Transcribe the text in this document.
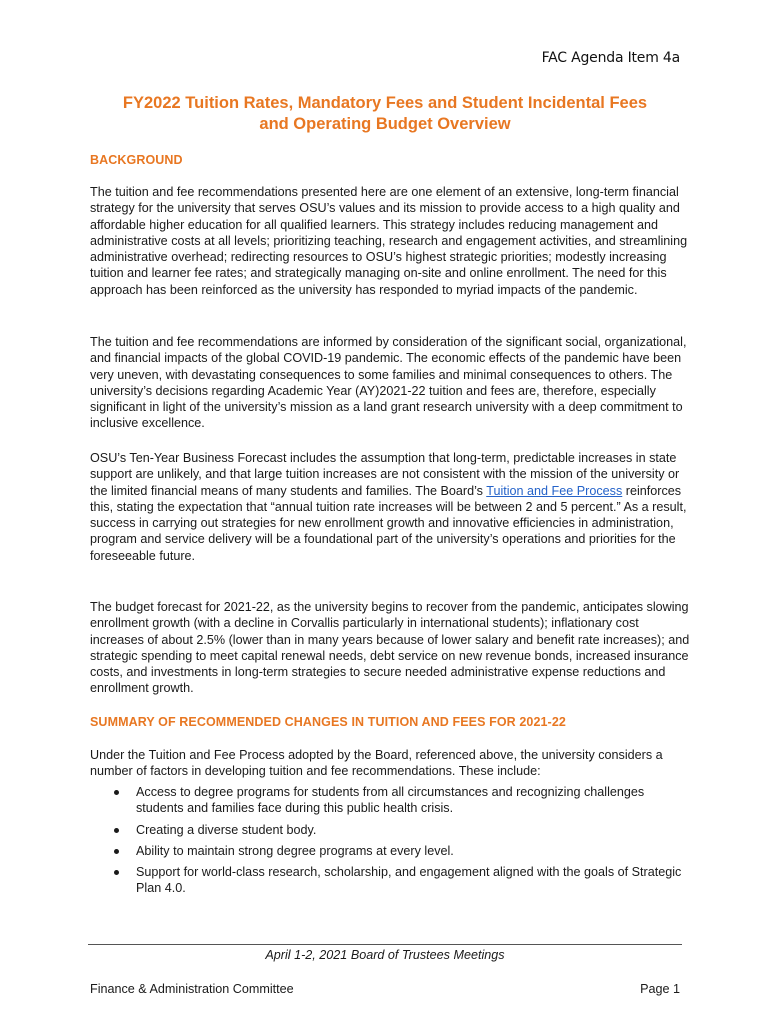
FAC Agenda Item 4a
FY2022 Tuition Rates, Mandatory Fees and Student Incidental Fees
and Operating Budget Overview
BACKGROUND

The tuition and fee recommendations presented here are one element of an extensive, long-term financial strategy for the university that serves OSU’s values and its mission to provide access to a high quality and affordable higher education for all qualified learners. This strategy includes reducing management and administrative costs at all levels; prioritizing teaching, research and engagement activities, and streamlining administrative overhead; redirecting resources to OSU’s highest strategic priorities; modestly increasing tuition and learner fee rates; and strategically managing on-site and online enrollment. The need for this approach has been reinforced as the university has responded to myriad impacts of the pandemic.

The tuition and fee recommendations are informed by consideration of the significant social, organizational, and financial impacts of the global COVID-19 pandemic. The economic effects of the pandemic have been very uneven, with devastating consequences to some families and minimal consequences to others. The university’s decisions regarding Academic Year (AY)2021-22 tuition and fees are, therefore, especially significant in light of the university’s mission as a land grant research university with a deep commitment to inclusive excellence.

OSU’s Ten-Year Business Forecast includes the assumption that long-term, predictable increases in state support are unlikely, and that large tuition increases are not consistent with the mission of the university or the limited financial means of many students and families. The Board’s Tuition and Fee Process reinforces this, stating the expectation that “annual tuition rate increases will be between 2 and 5 percent.” As a result, success in carrying out strategies for new enrollment growth and innovative efficiencies in administration, program and service delivery will be a foundational part of the university’s operations and priorities for the foreseeable future.

The budget forecast for 2021-22, as the university begins to recover from the pandemic, anticipates slowing enrollment growth (with a decline in Corvallis particularly in international students); inflationary cost increases of about 2.5% (lower than in many years because of lower salary and benefit rate increases); and strategic spending to meet capital renewal needs, debt service on new revenue bonds, increased insurance costs, and investments in long-term strategies to secure needed administrative expense reductions and enrollment growth.

SUMMARY OF RECOMMENDED CHANGES IN TUITION AND FEES FOR 2021-22

Under the Tuition and Fee Process adopted by the Board, referenced above, the university considers a number of factors in developing tuition and fee recommendations. These include:

Access to degree programs for students from all circumstances and recognizing challenges students and families face during this public health crisis.
Creating a diverse student body.
Ability to maintain strong degree programs at every level.
Support for world-class research, scholarship, and engagement aligned with the goals of Strategic Plan 4.0.
April 1-2, 2021 Board of Trustees Meetings
Finance & Administration Committee	Page 1
